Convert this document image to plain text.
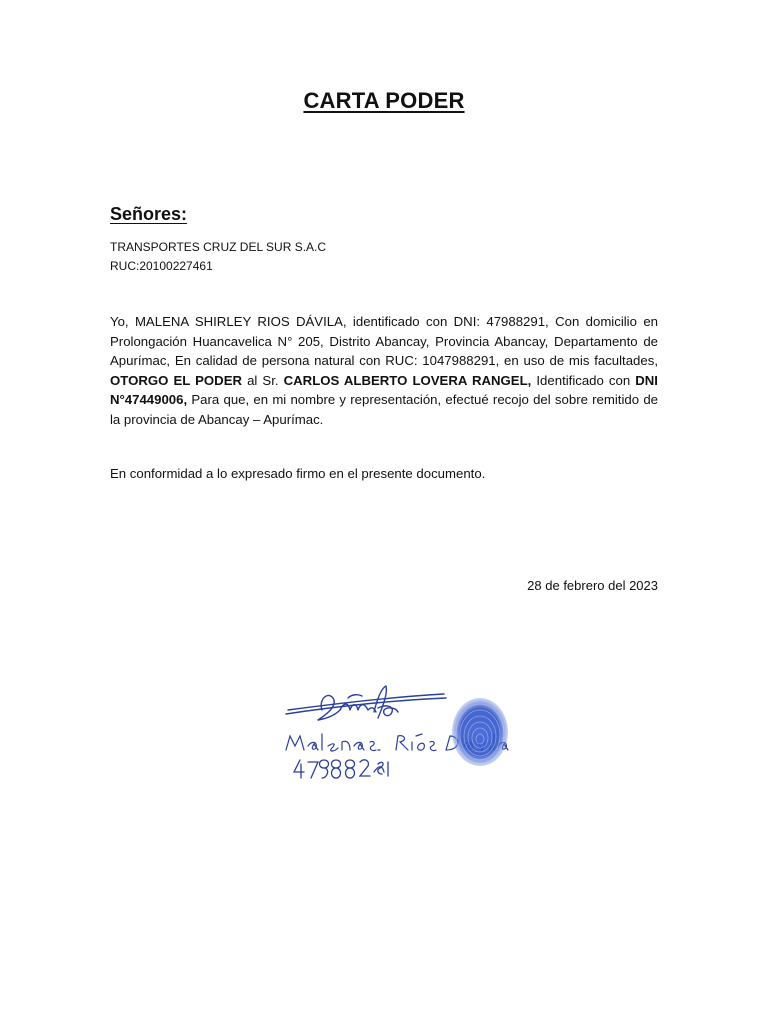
CARTA PODER
Señores:
TRANSPORTES CRUZ DEL SUR S.A.C
RUC:20100227461
Yo, MALENA SHIRLEY RIOS DÁVILA, identificado con DNI: 47988291, Con domicilio en Prolongación Huancavelica N° 205, Distrito Abancay, Provincia Abancay, Departamento de Apurímac, En calidad de persona natural con RUC: 1047988291, en uso de mis facultades, OTORGO EL PODER al Sr. CARLOS ALBERTO LOVERA RANGEL, Identificado con DNI N°47449006, Para que, en mi nombre y representación, efectué recojo del sobre remitido de la provincia de Abancay – Apurímac.
En conformidad a lo expresado firmo en el presente documento.
28 de febrero del 2023
